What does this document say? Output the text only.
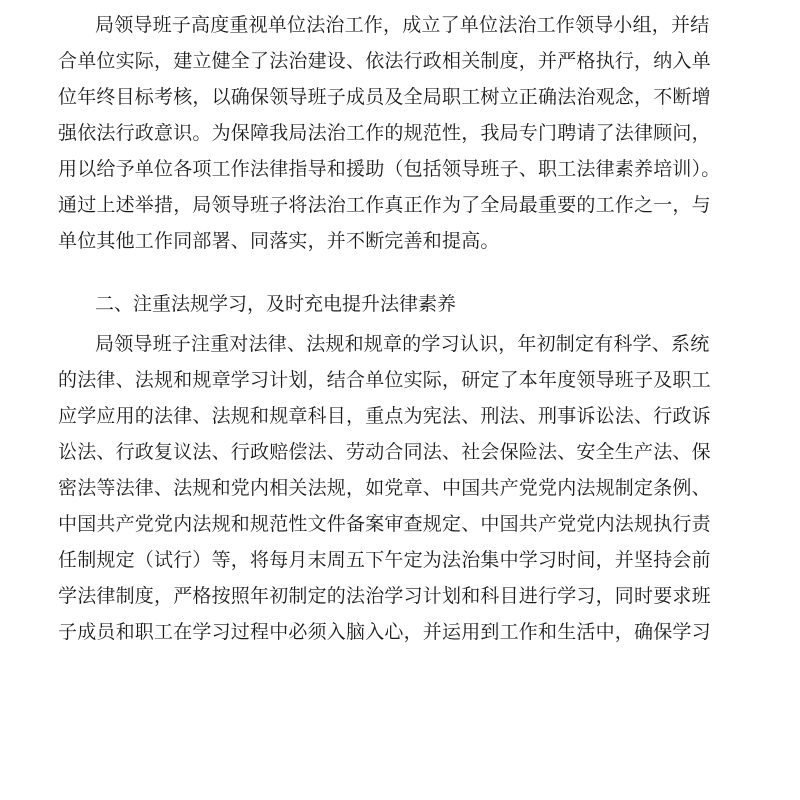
局领导班子高度重视单位法治工作，成立了单位法治工作领导小组，并结
合单位实际，建立健全了法治建设、依法行政相关制度，并严格执行，纳入单
位年终目标考核，以确保领导班子成员及全局职工树立正确法治观念，不断增
强依法行政意识。为保障我局法治工作的规范性，我局专门聘请了法律顾问，
用以给予单位各项工作法律指导和援助（包括领导班子、职工法律素养培训）。
通过上述举措，局领导班子将法治工作真正作为了全局最重要的工作之一，与
单位其他工作同部署、同落实，并不断完善和提高。

二、注重法规学习，及时充电提升法律素养

局领导班子注重对法律、法规和规章的学习认识，年初制定有科学、系统
的法律、法规和规章学习计划，结合单位实际，研定了本年度领导班子及职工
应学应用的法律、法规和规章科目，重点为宪法、刑法、刑事诉讼法、行政诉
讼法、行政复议法、行政赔偿法、劳动合同法、社会保险法、安全生产法、保
密法等法律、法规和党内相关法规，如党章、中国共产党党内法规制定条例、
中国共产党党内法规和规范性文件备案审查规定、中国共产党党内法规执行责
任制规定（试行）等，将每月末周五下午定为法治集中学习时间，并坚持会前
学法律制度，严格按照年初制定的法治学习计划和科目进行学习，同时要求班
子成员和职工在学习过程中必须入脑入心，并运用到工作和生活中，确保学习
